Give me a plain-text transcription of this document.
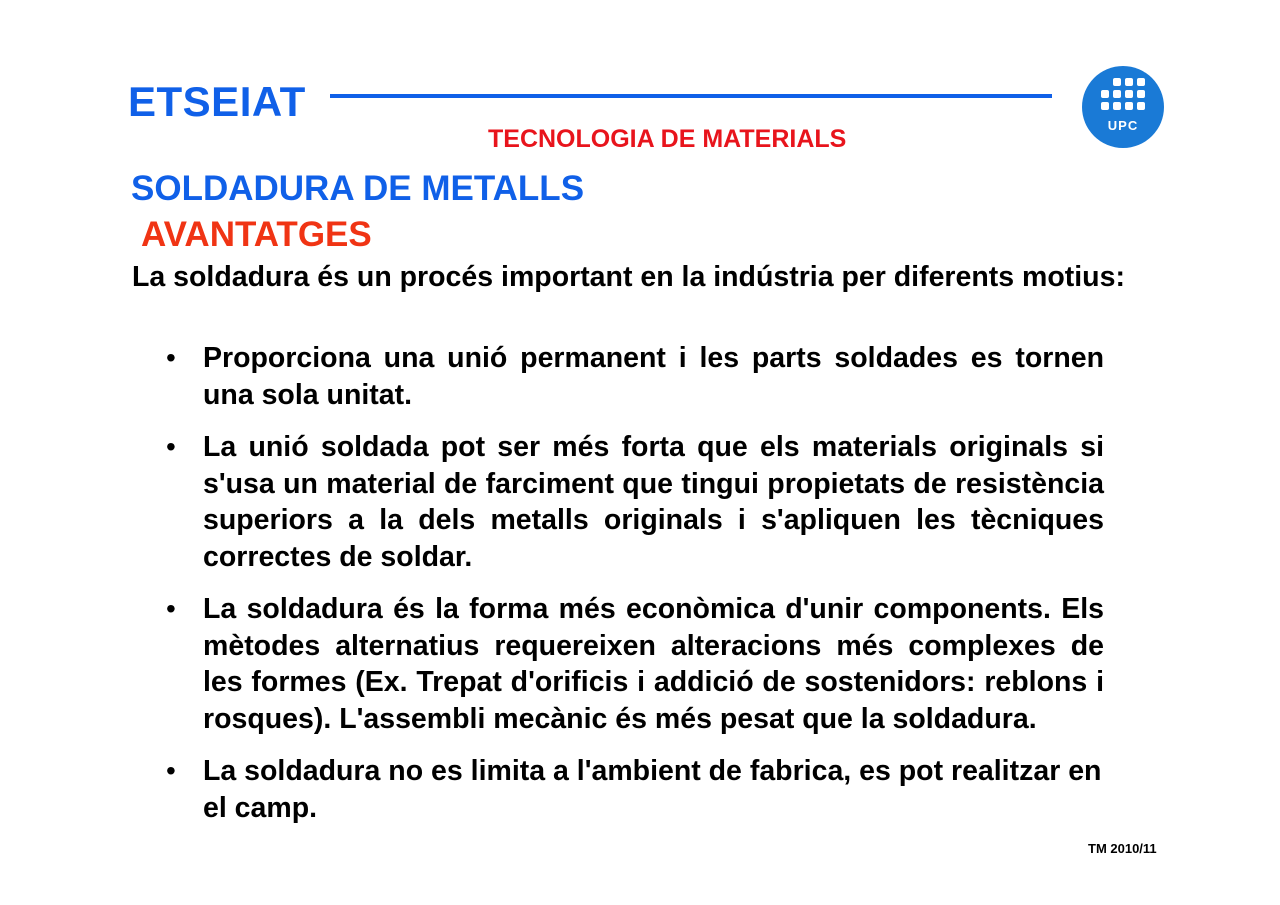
ETSEIAT
UPC
TECNOLOGIA DE MATERIALS
SOLDADURA DE METALLS
AVANTATGES

La soldadura és un procés important en la indústria per diferents motius:

• Proporciona una unió permanent i les parts soldades es tornen una sola unitat.
• La unió soldada pot ser més forta que els materials originals si s'usa un material de farciment que tingui propietats de resistència superiors a la dels metalls originals i s'apliquen les tècniques correctes de soldar.
• La soldadura és la forma més econòmica d'unir components. Els mètodes alternatius requereixen alteracions més complexes de les formes (Ex. Trepat d'orificis i addició de sostenidors: reblons i rosques). L'assembli mecànic és més pesat que la soldadura.
• La soldadura no es limita a l'ambient de fabrica, es pot realitzar en el camp.
TM 2010/11
